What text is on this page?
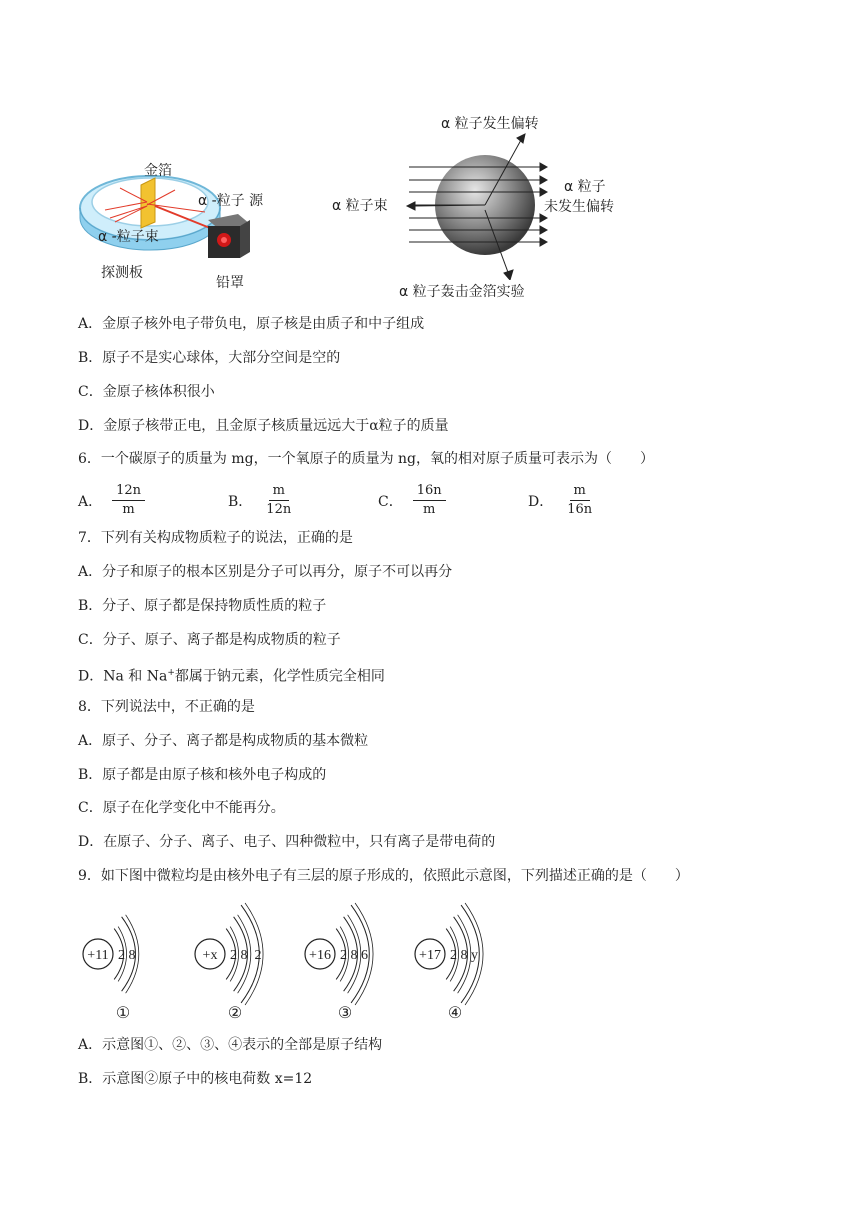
金箔
α -粒子 源
α -粒子束
探测板
铅罩
α 粒子发生偏转
α 粒子束
α 粒子
未发生偏转
α 粒子轰击金箔实验
A．金原子核外电子带负电，原子核是由质子和中子组成
B．原子不是实心球体，大部分空间是空的
C．金原子核体积很小
D．金原子核带正电，且金原子核质量远远大于α粒子的质量
6．一个碳原子的质量为 mg，一个氧原子的质量为 ng，氧的相对原子质量可表示为（　　）
A． $\frac{12n}{m}$	B． $\frac{m}{12n}$	C． $\frac{16n}{m}$	D． $\frac{m}{16n}$
7．下列有关构成物质粒子的说法，正确的是
A．分子和原子的根本区别是分子可以再分，原子不可以再分
B．分子、原子都是保持物质性质的粒子
C．分子、原子、离子都是构成物质的粒子
D．Na 和 Na+都属于钠元素，化学性质完全相同
8．下列说法中，不正确的是
A．原子、分子、离子都是构成物质的基本微粒
B．原子都是由原子核和核外电子构成的
C．原子在化学变化中不能再分。
D．在原子、分子、离子、电子、四种微粒中，只有离子是带电荷的
9．如下图中微粒均是由核外电子有三层的原子形成的，依照此示意图，下列描述正确的是（　　）
+11 2 8
①
+x 2 8  2
②
+16 2 8 6
③
+17 2 8 y
④
A．示意图①、②、③、④表示的全部是原子结构
B．示意图②原子中的核电荷数 x=12
